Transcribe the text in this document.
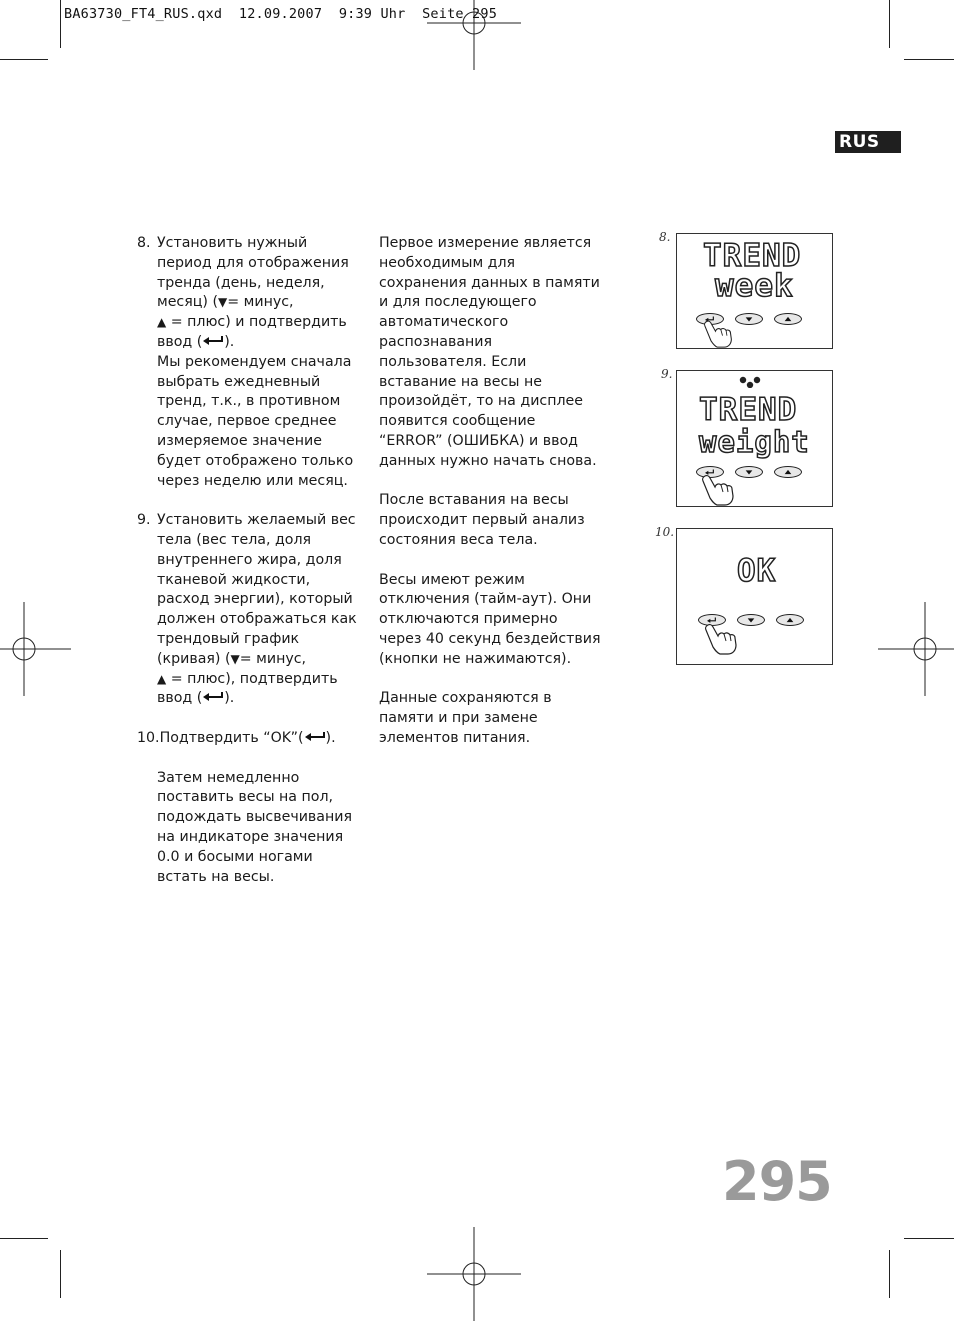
BA63730_FT4_RUS.qxd  12.09.2007  9:39 Uhr  Seite 295
RUS
8. Установить нужный период для отображения тренда (день, неделя, месяц) (▼= минус,
▲ = плюс) и подтвердить ввод ( ).

Мы рекомендуем сначала выбрать ежедневный тренд, т.к., в противном случае, первое среднее измеряемое значение будет отображено только через неделю или месяц.

9. Установить желаемый вес тела (вес тела, доля внутреннего жира, доля тканевой жидкости, расход энергии), который должен отображаться как трендовый график (кривая) (▼= минус,
▲ = плюс), подтвердить ввод ( ).
10. Подтвердить “OK”( ).

Затем немедленно поставить весы на пол, подождать высвечивания на индикаторе значения 0.0 и босыми ногами встать на весы.

Первое измерение является необходимым для сохранения данных в памяти и для последующего автоматического распознавания пользователя. Если вставание на весы не произойдёт, то на дисплее появится сообщение “ERROR” (ОШИБКА) и ввод данных нужно начать снова.

После вставания на весы происходит первый анализ состояния веса тела.

Весы имеют режим отключения (тайм-аут). Они отключаются примерно через 40 секунд бездействия (кнопки не нажимаются).

Данные сохраняются в памяти и при замене элементов питания.

8.
TREND
week
9.
TREND
weight
10.
OK
295
